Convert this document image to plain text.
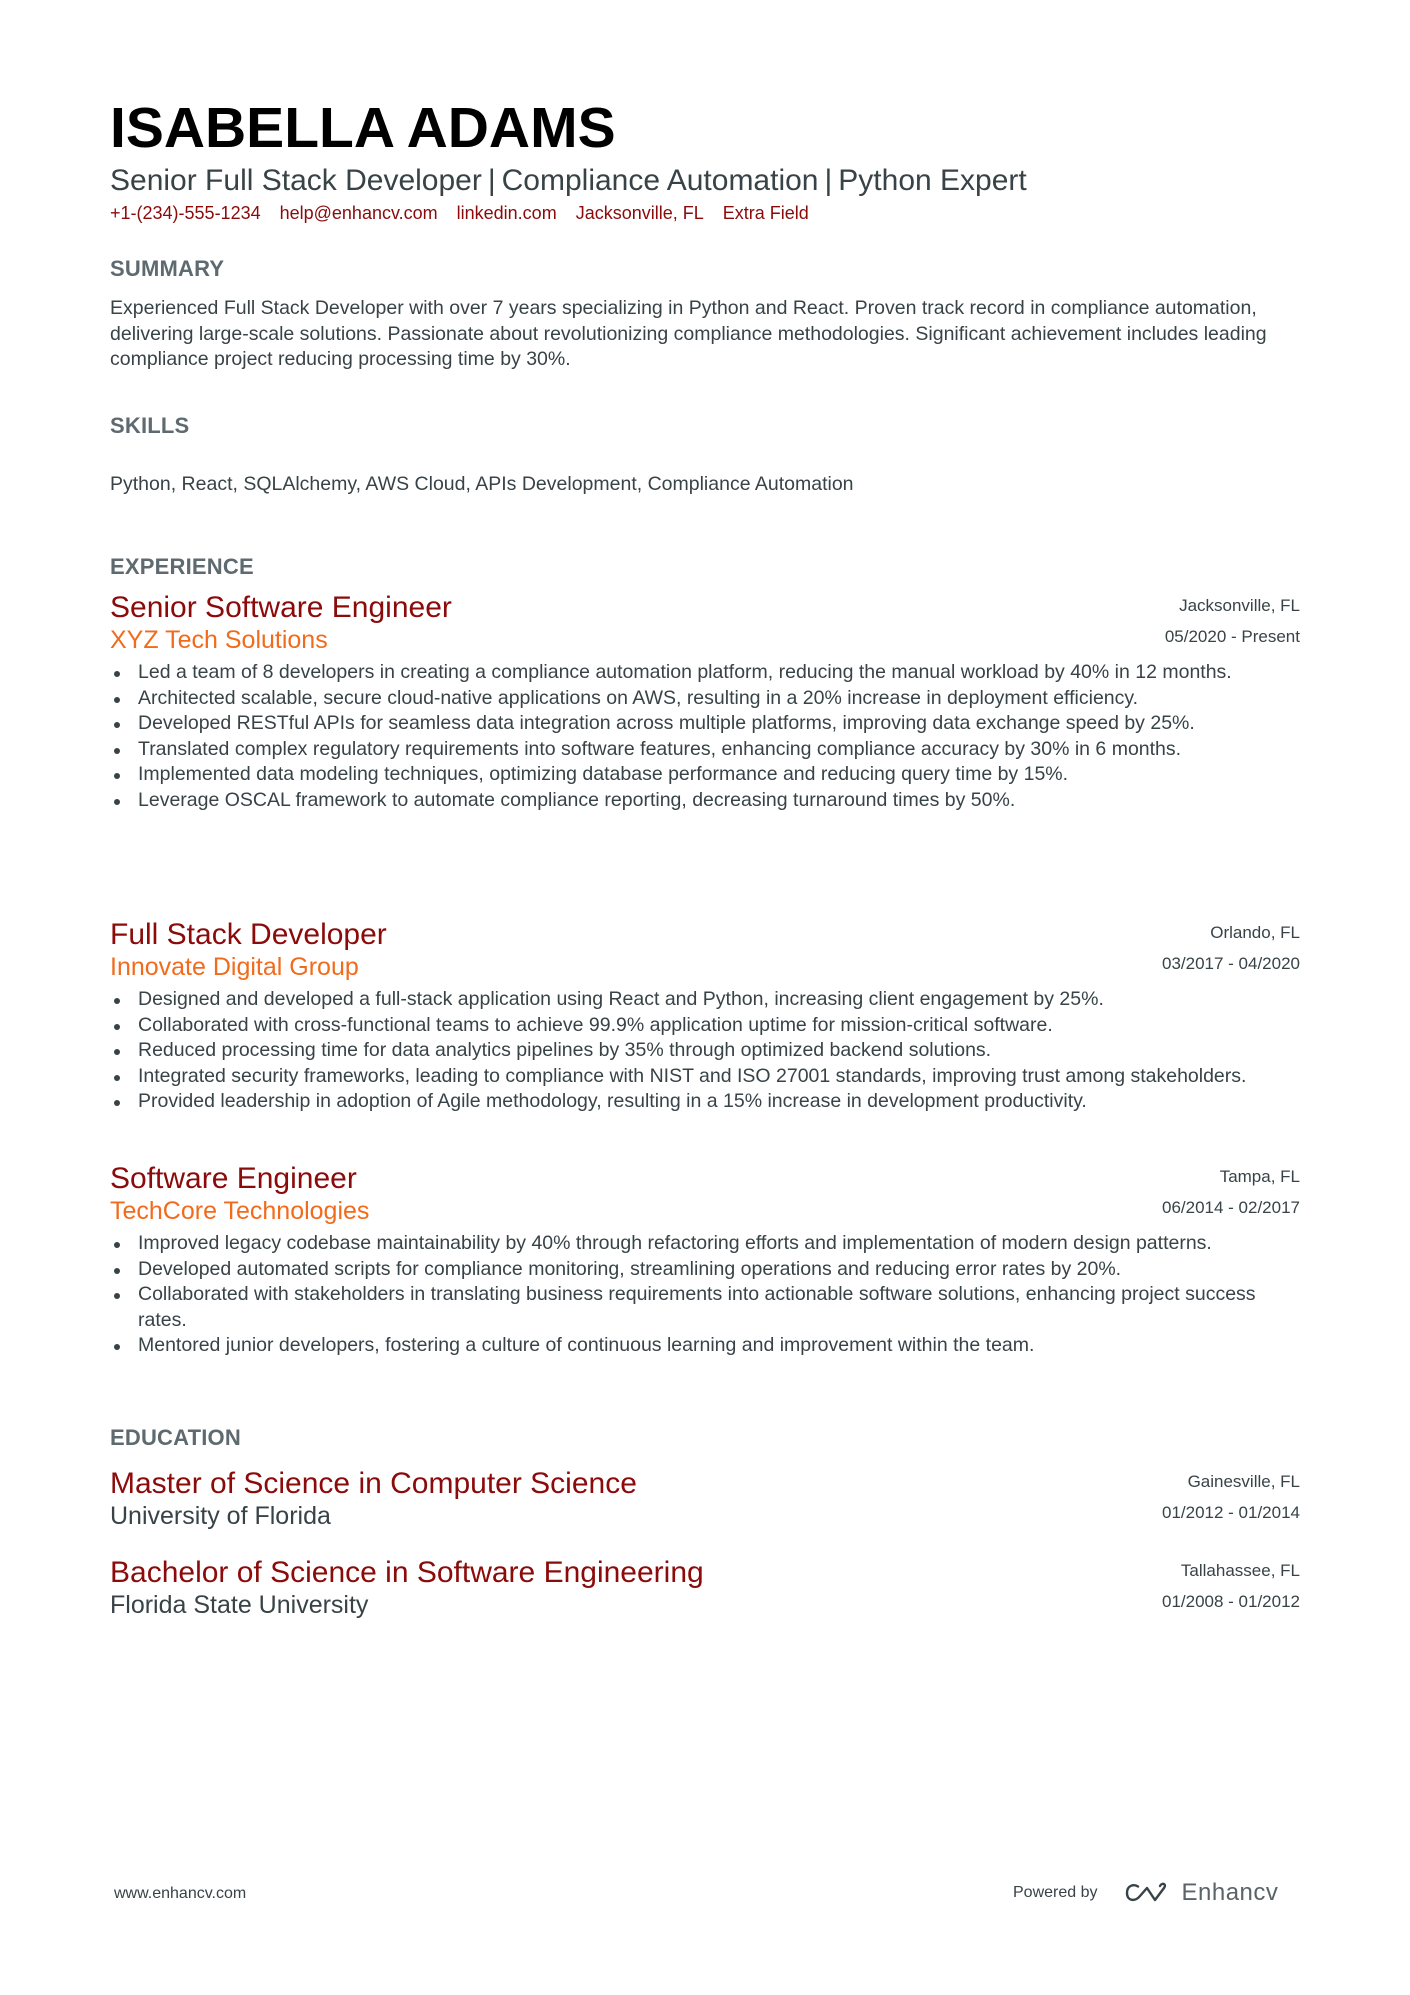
ISABELLA ADAMS
Senior Full Stack Developer | Compliance Automation | Python Expert
+1-(234)-555-1234 help@enhancv.com linkedin.com Jacksonville, FL Extra Field
SUMMARY
Experienced Full Stack Developer with over 7 years specializing in Python and React. Proven track record in compliance automation, delivering large-scale solutions. Passionate about revolutionizing compliance methodologies. Significant achievement includes leading compliance project reducing processing time by 30%.
SKILLS
Python, React, SQLAlchemy, AWS Cloud, APIs Development, Compliance Automation
EXPERIENCE
Senior Software Engineer
XYZ Tech Solutions
Jacksonville, FL
05/2020 - Present
Led a team of 8 developers in creating a compliance automation platform, reducing the manual workload by 40% in 12 months.
Architected scalable, secure cloud-native applications on AWS, resulting in a 20% increase in deployment efficiency.
Developed RESTful APIs for seamless data integration across multiple platforms, improving data exchange speed by 25%.
Translated complex regulatory requirements into software features, enhancing compliance accuracy by 30% in 6 months.
Implemented data modeling techniques, optimizing database performance and reducing query time by 15%.
Leverage OSCAL framework to automate compliance reporting, decreasing turnaround times by 50%.
Full Stack Developer
Innovate Digital Group
Orlando, FL
03/2017 - 04/2020
Designed and developed a full-stack application using React and Python, increasing client engagement by 25%.
Collaborated with cross-functional teams to achieve 99.9% application uptime for mission-critical software.
Reduced processing time for data analytics pipelines by 35% through optimized backend solutions.
Integrated security frameworks, leading to compliance with NIST and ISO 27001 standards, improving trust among stakeholders.
Provided leadership in adoption of Agile methodology, resulting in a 15% increase in development productivity.
Software Engineer
TechCore Technologies
Tampa, FL
06/2014 - 02/2017
Improved legacy codebase maintainability by 40% through refactoring efforts and implementation of modern design patterns.
Developed automated scripts for compliance monitoring, streamlining operations and reducing error rates by 20%.
Collaborated with stakeholders in translating business requirements into actionable software solutions, enhancing project success rates.
Mentored junior developers, fostering a culture of continuous learning and improvement within the team.
EDUCATION
Master of Science in Computer Science
University of Florida
Gainesville, FL
01/2012 - 01/2014
Bachelor of Science in Software Engineering
Florida State University
Tallahassee, FL
01/2008 - 01/2012
www.enhancv.com	Powered by	Enhancv
